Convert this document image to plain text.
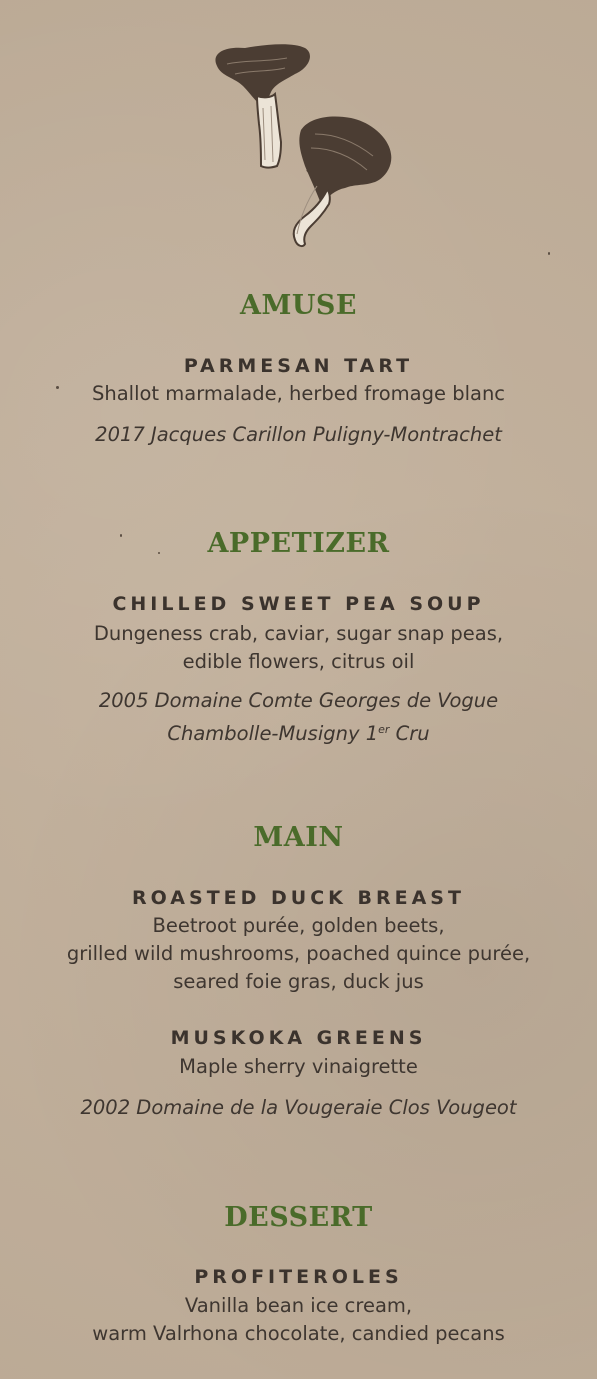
AMUSE
PARMESAN TART
Shallot marmalade, herbed fromage blanc
2017 Jacques Carillon Puligny-Montrachet
APPETIZER
CHILLED SWEET PEA SOUP
Dungeness crab, caviar, sugar snap peas,
edible flowers, citrus oil
2005 Domaine Comte Georges de Vogue
Chambolle-Musigny 1er Cru
MAIN
ROASTED DUCK BREAST
Beetroot purée, golden beets,
grilled wild mushrooms, poached quince purée,
seared foie gras, duck jus
MUSKOKA GREENS
Maple sherry vinaigrette
2002 Domaine de la Vougeraie Clos Vougeot
DESSERT
PROFITEROLES
Vanilla bean ice cream,
warm Valrhona chocolate, candied pecans
